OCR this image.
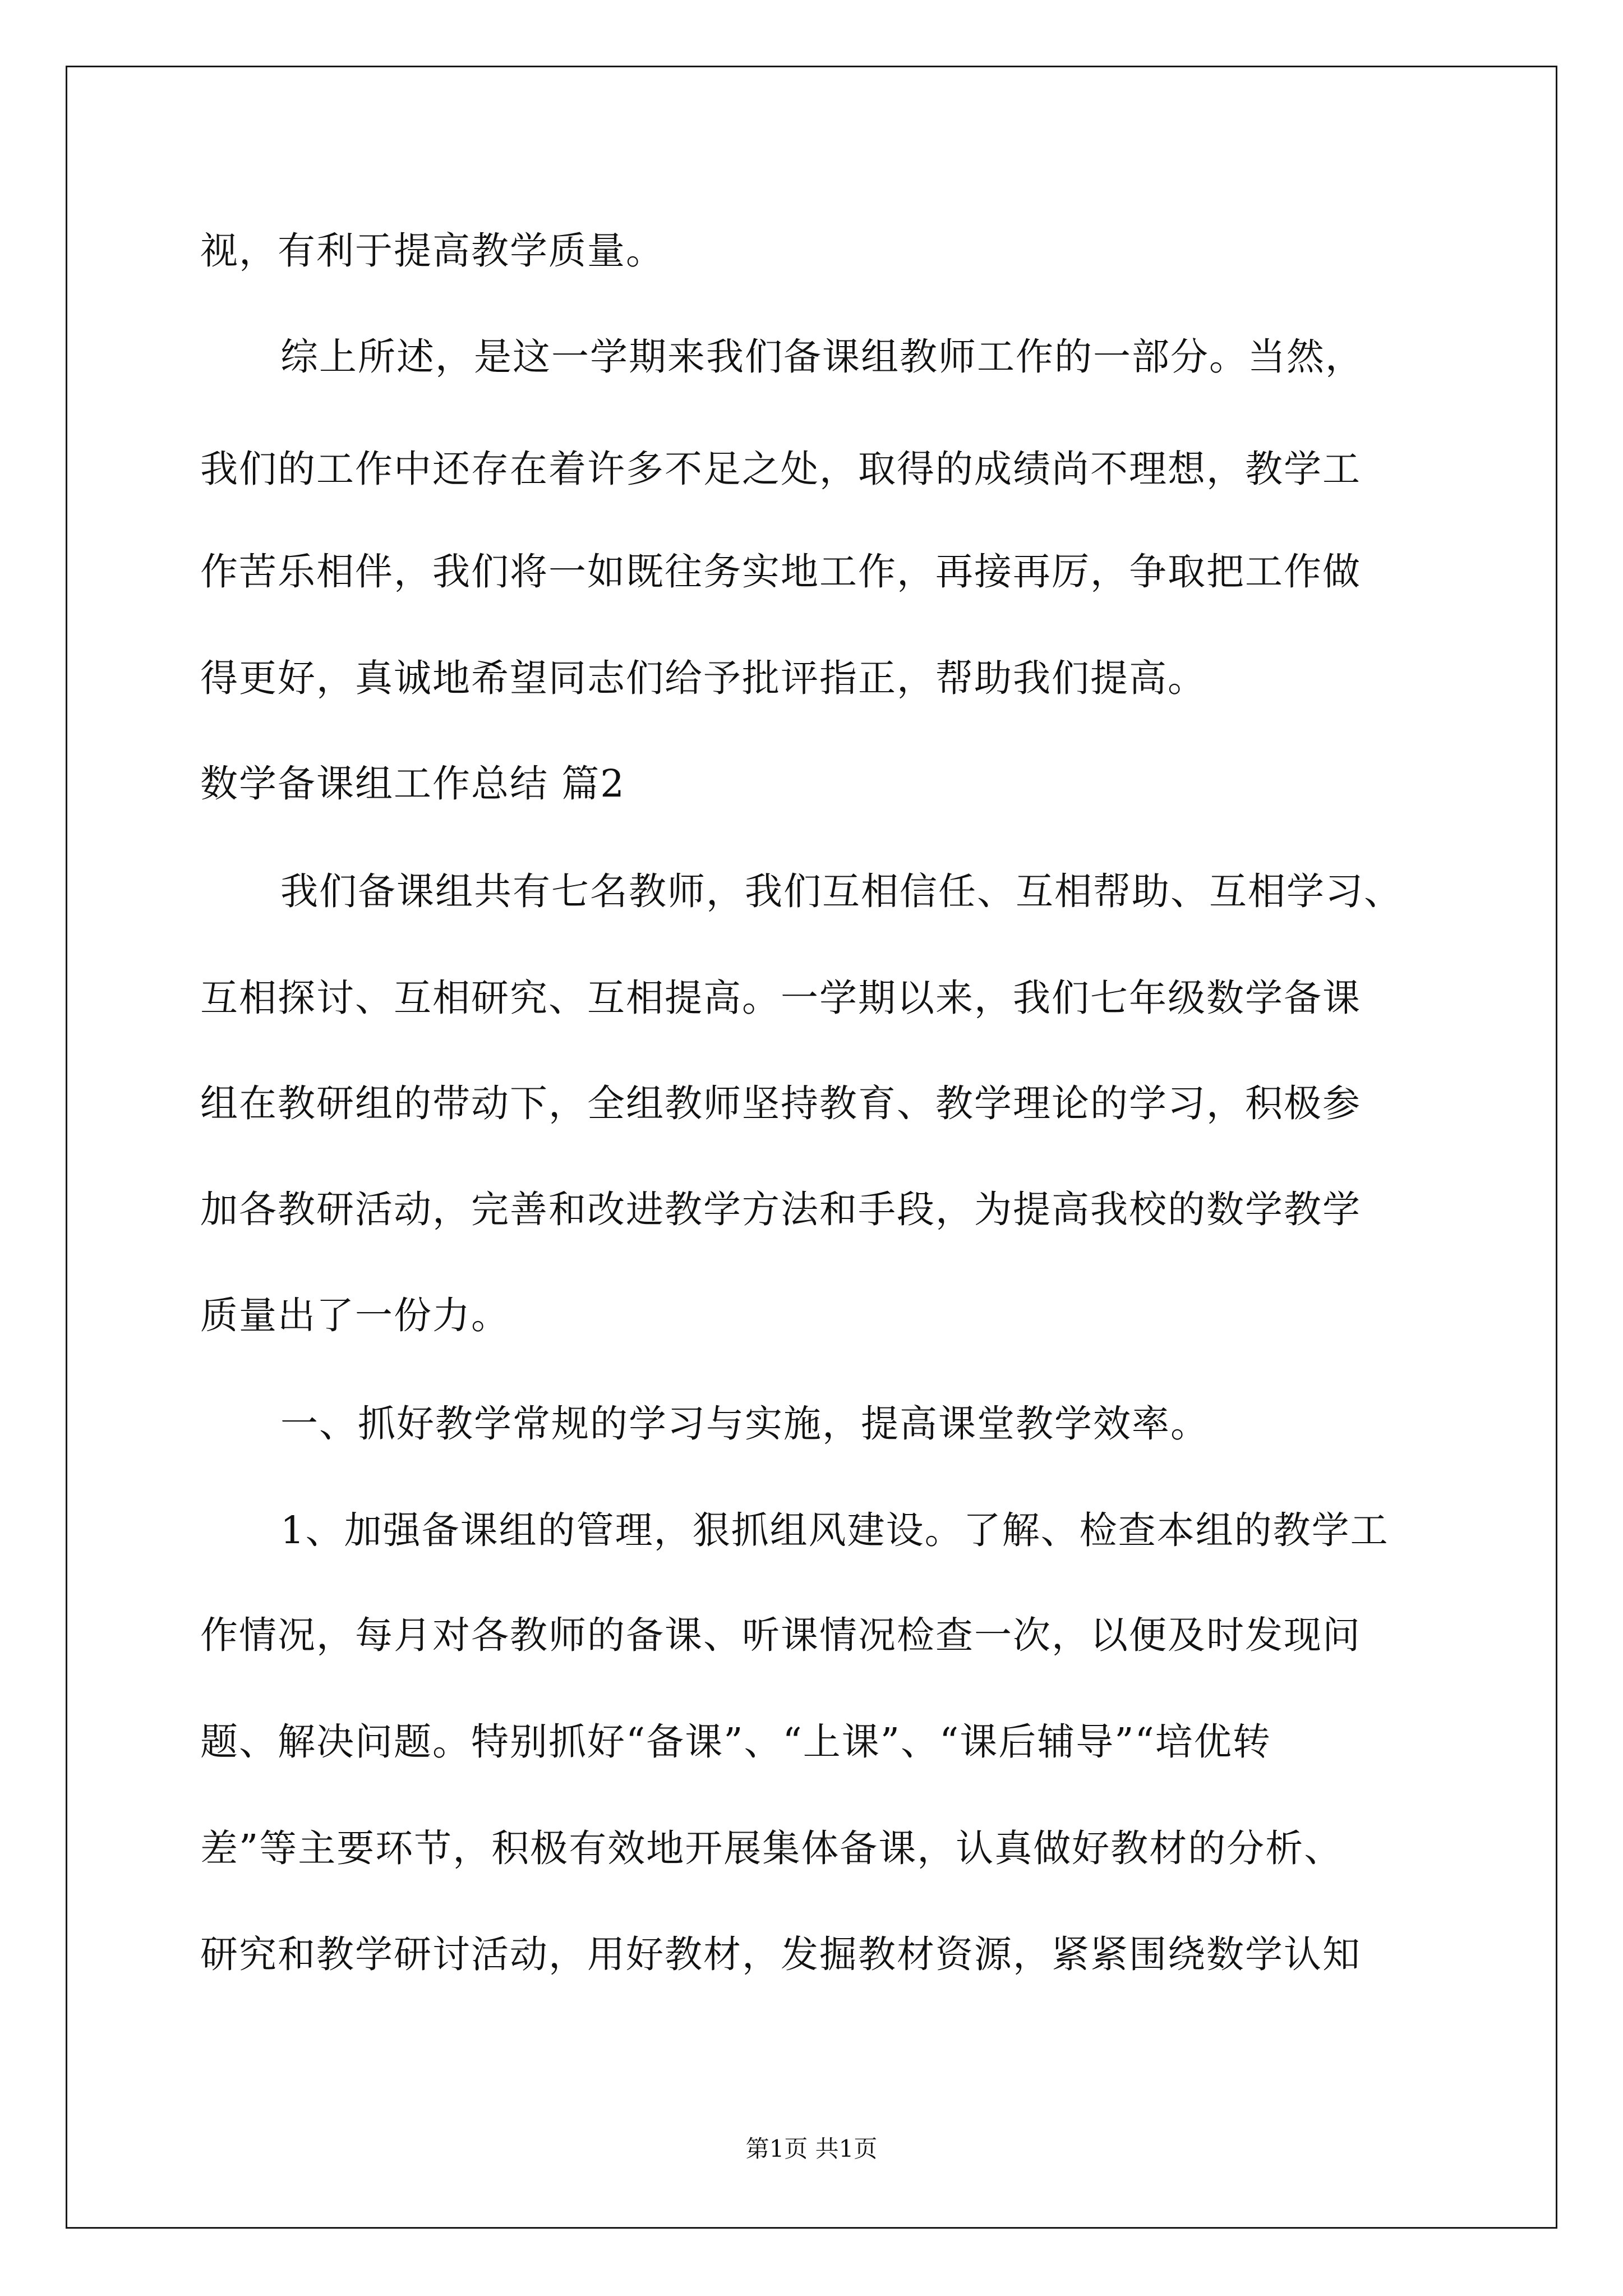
视，有利于提高教学质量。
综上所述，是这一学期来我们备课组教师工作的一部分。当然，
我们的工作中还存在着许多不足之处，取得的成绩尚不理想，教学工
作苦乐相伴，我们将一如既往务实地工作，再接再厉，争取把工作做
得更好，真诚地希望同志们给予批评指正，帮助我们提高。
数学备课组工作总结 篇2
我们备课组共有七名教师，我们互相信任、互相帮助、互相学习、
互相探讨、互相研究、互相提高。一学期以来，我们七年级数学备课
组在教研组的带动下，全组教师坚持教育、教学理论的学习，积极参
加各教研活动，完善和改进教学方法和手段，为提高我校的数学教学
质量出了一份力。
一、抓好教学常规的学习与实施，提高课堂教学效率。
1、加强备课组的管理，狠抓组风建设。了解、检查本组的教学工
作情况，每月对各教师的备课、听课情况检查一次，以便及时发现问
题、解决问题。特别抓好“备课”、“上课”、“课后辅导”“培优转
差”等主要环节，积极有效地开展集体备课，认真做好教材的分析、
研究和教学研讨活动，用好教材，发掘教材资源，紧紧围绕数学认知
第1页 共1页
